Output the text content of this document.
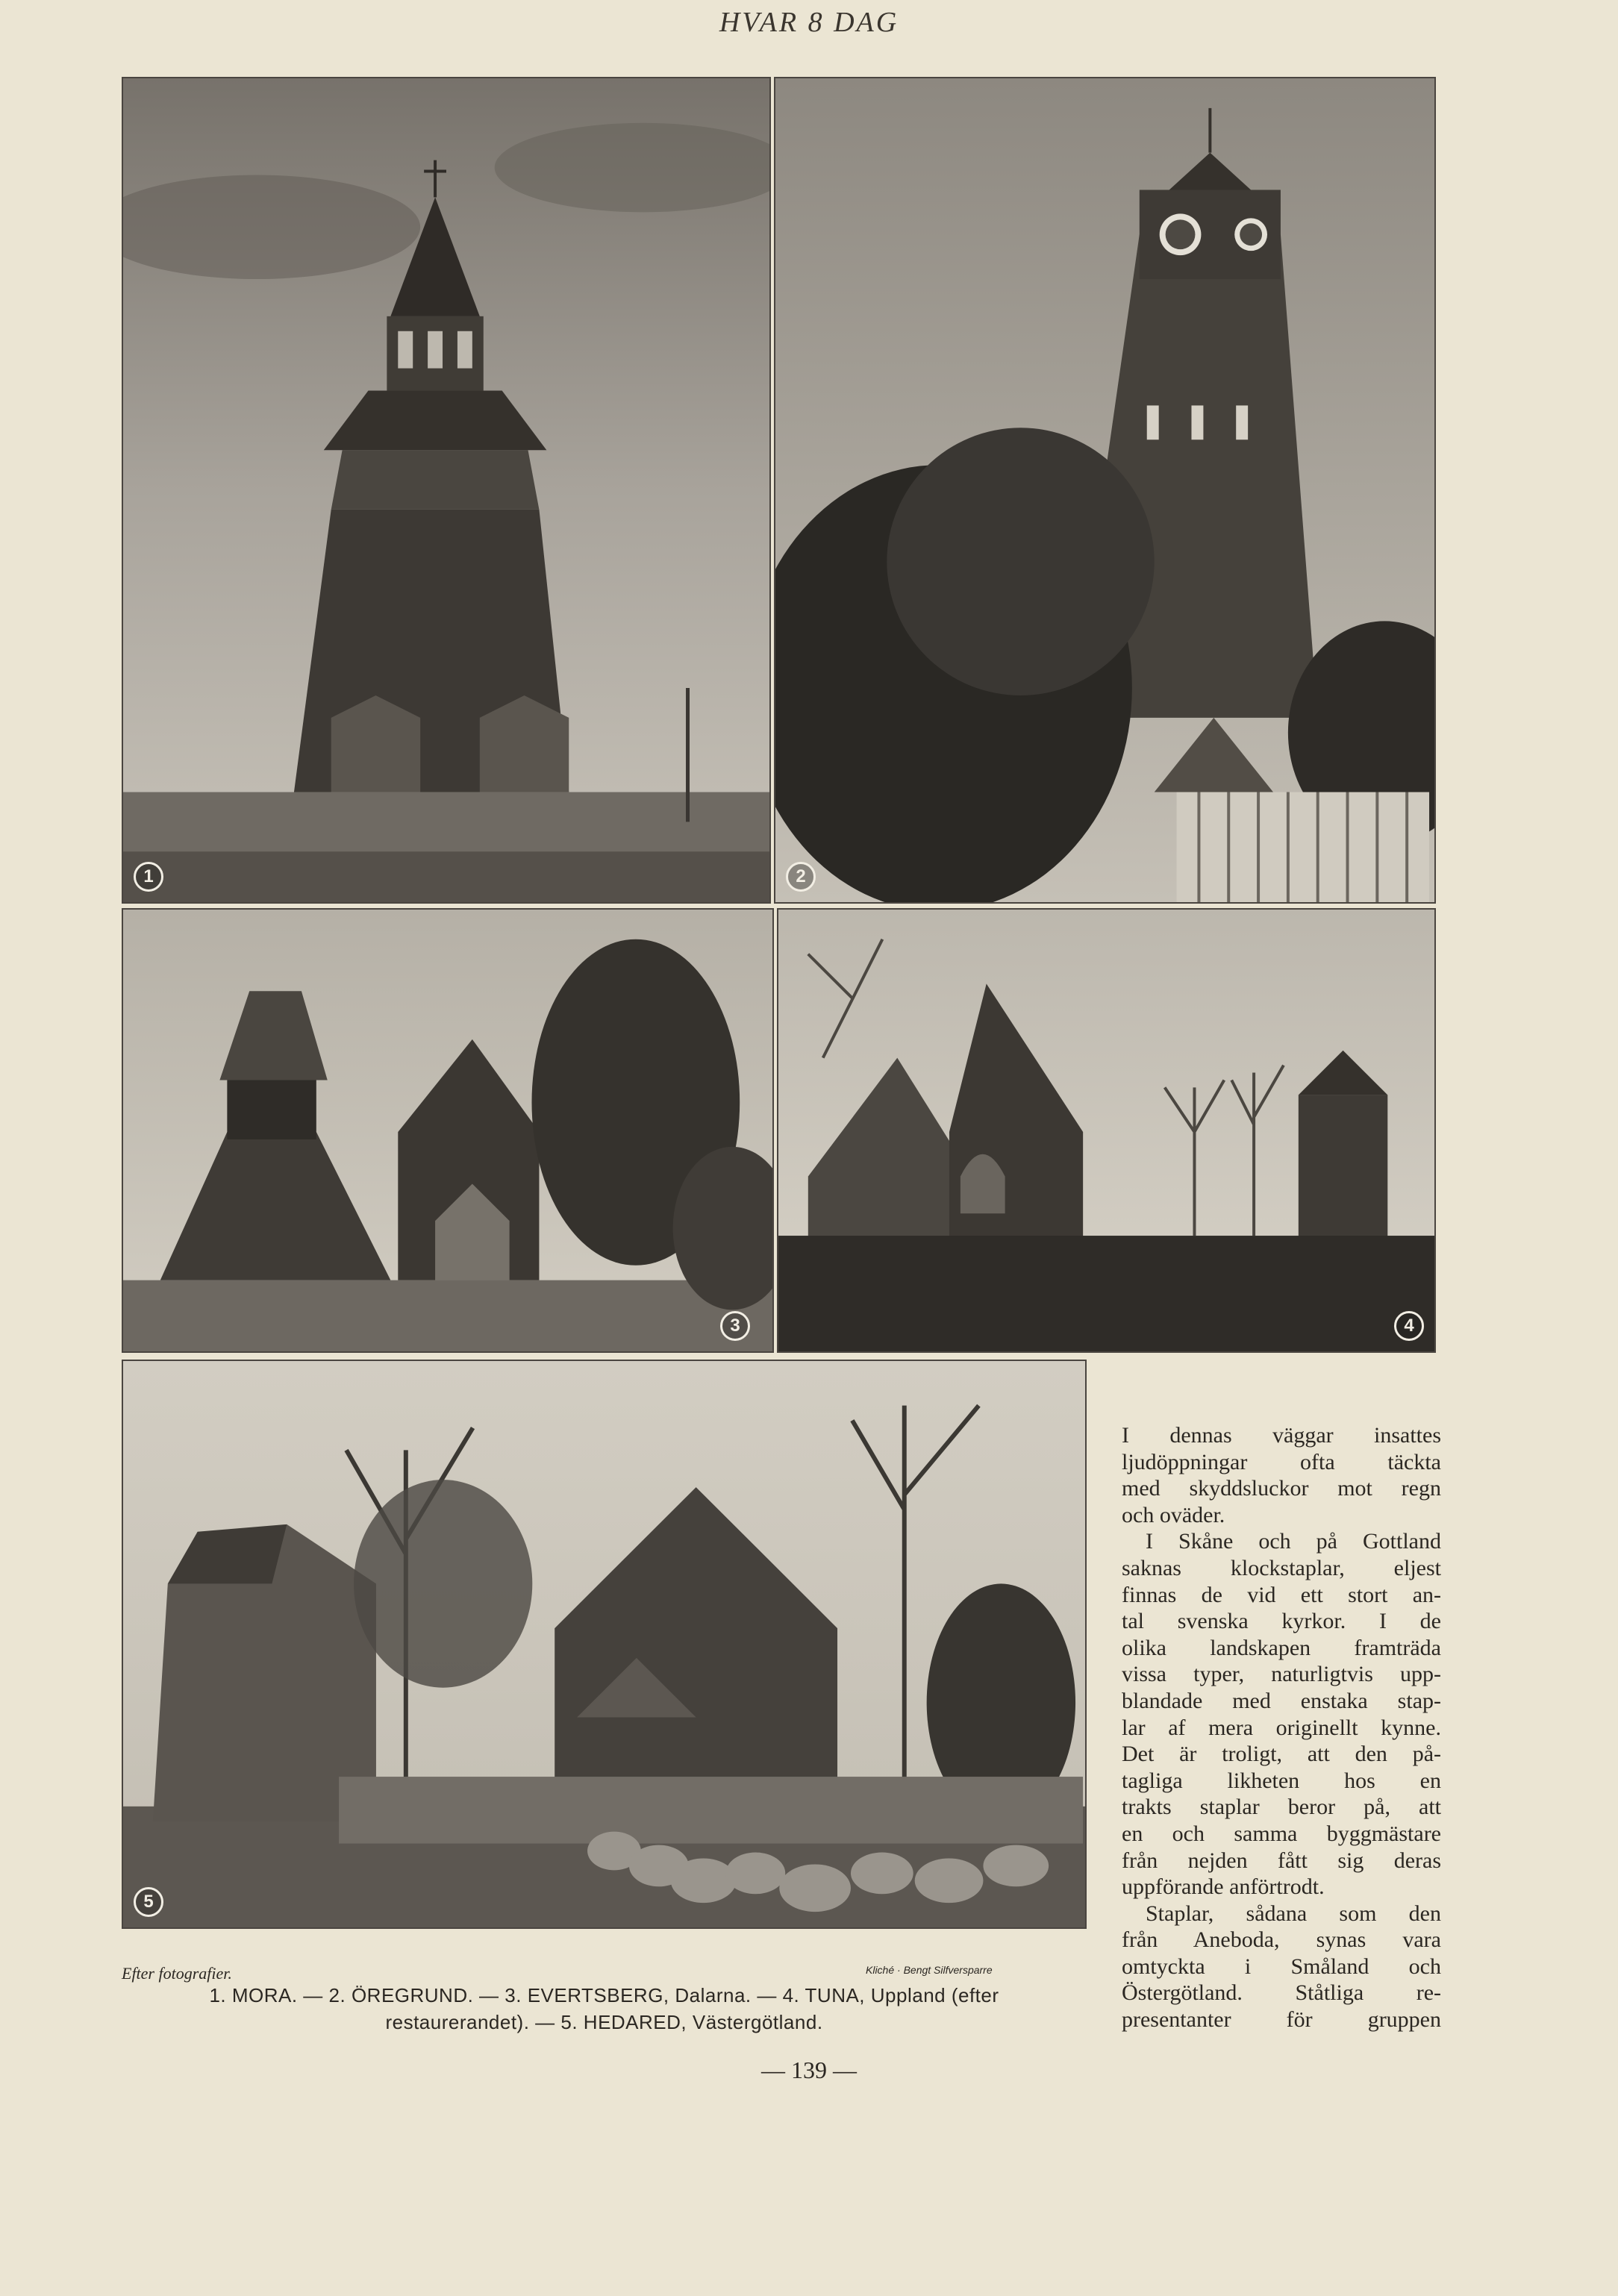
HVAR 8 DAG
1	2
3	4
5
Efter fotografier.	Kliché · Bengt Silfversparre
1. MORA. — 2. ÖREGRUND. — 3. EVERTSBERG, Dalarna. — 4. TUNA, Uppland (efter
restaurerandet). — 5. HEDARED, Västergötland.
I dennas väggar insattes
ljudöppningar ofta täckta
med skyddsluckor mot regn
och oväder.
I Skåne och på Gottland
saknas klockstaplar, eljest
finnas de vid ett stort an-
tal svenska kyrkor. I de
olika landskapen framträda
vissa typer, naturligtvis upp-
blandade med enstaka stap-
lar af mera originellt kynne.
Det är troligt, att den på-
tagliga likheten hos en
trakts staplar beror på, att
en och samma byggmästare
från nejden fått sig deras
uppförande anförtrodt.
Staplar, sådana som den
från Aneboda, synas vara
omtyckta i Småland och
Östergötland. Ståtliga re-
presentanter för gruppen
— 139 —
